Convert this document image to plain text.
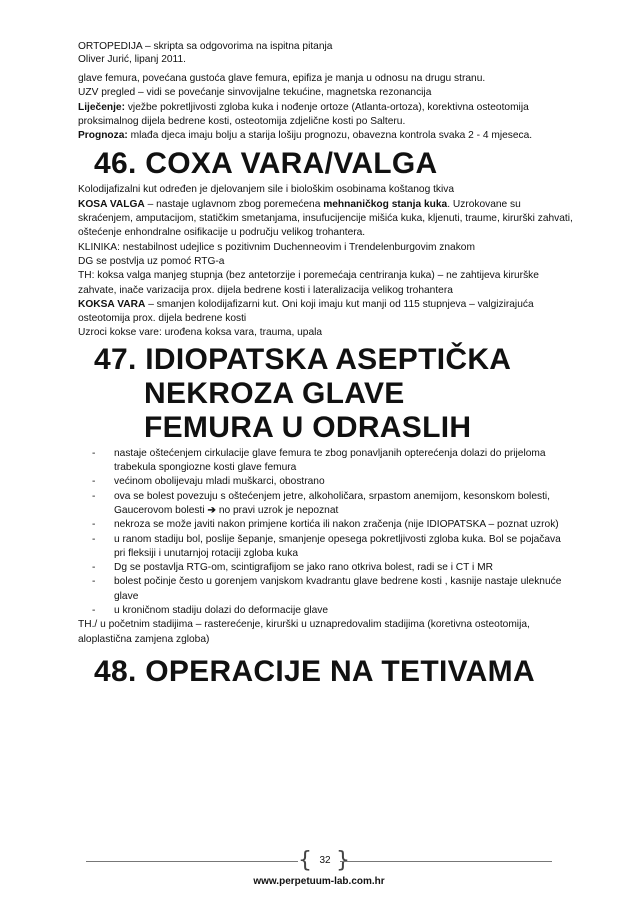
ORTOPEDIJA – skripta sa odgovorima na ispitna pitanja
Oliver Jurić, lipanj 2011.
glave femura, povećana gustoća glave femura, epifiza je manja u odnosu na drugu stranu.
UZV pregled – vidi se povećanje sinvovijalne tekućine, magnetska rezonancija
Liječenje: vježbe pokretljivosti zgloba kuka i nođenje ortoze (Atlanta-ortoza), korektivna osteotomija proksimalnog dijela bedrene kosti, osteotomija zdjelične kosti po Salteru.
Prognoza: mlađa djeca imaju bolju a starija lošiju prognozu, obavezna kontrola svaka 2 - 4 mjeseca.
46. COXA VARA/VALGA
Kolodijafizalni kut određen je djelovanjem sile i biološkim osobinama koštanog tkiva
KOSA VALGA – nastaje uglavnom zbog poremećena mehnaničkog stanja kuka. Uzrokovane su skraćenjem, amputacijom, statičkim smetanjama, insufucijencije mišića kuka, kljenuti, traume, kirurški zahvati, oštećenje enhondralne osifikacije u području velikog trohantera.
KLINIKA: nestabilnost udejlice s pozitivnim Duchenneovim i Trendelenburgovim znakom
DG se postvlja uz pomoć RTG-a
TH: koksa valga manjeg stupnja (bez antetorzije i poremećaja centriranja kuka) – ne zahtijeva kirurške zahvate, inače varizacija prox. dijela bedrene kosti i lateralizacija velikog trohantera
KOKSA VARA – smanjen kolodijafizarni kut. Oni koji imaju kut manji od 115 stupnjeva – valgizirajuća osteotomija prox. dijela bedrene kosti
Uzroci kokse vare: urođena koksa vara, trauma, upala
47. IDIOPATSKA ASEPTIČKA
NEKROZA GLAVE
FEMURA U ODRASLIH
- nastaje oštećenjem cirkulacije glave femura te zbog ponavljanih opterećenja dolazi do prijeloma trabekula spongiozne kosti glave femura
- većinom obolijevaju mladi muškarci, obostrano
- ova se bolest povezuju s oštećenjem jetre, alkoholičara, srpastom anemijom, kesonskom bolesti, Gaucerovom bolesti ➔ no pravi uzrok je nepoznat
- nekroza se može javiti nakon primjene kortića ili nakon zračenja (nije IDIOPATSKA – poznat uzrok)
- u ranom stadiju bol, poslije šepanje, smanjenje opesega pokretljivosti zgloba kuka. Bol se pojačava pri fleksiji i unutarnjoj rotaciji zgloba kuka
- Dg se postavlja RTG-om, scintigrafijom se jako rano otkriva bolest, radi se i CT i MR
- bolest počinje često u gorenjem vanjskom kvadrantu glave bedrene kosti , kasnije nastaje uleknuće glave
- u kroničnom stadiju dolazi do deformacije glave
TH./ u početnim stadijima – rasterećenje, kirurški u uznapredovalim stadijima (koretivna osteotomija, aloplastična zamjena zgloba)
48. OPERACIJE NA TETIVAMA
{ 32 }
www.perpetuum-lab.com.hr
